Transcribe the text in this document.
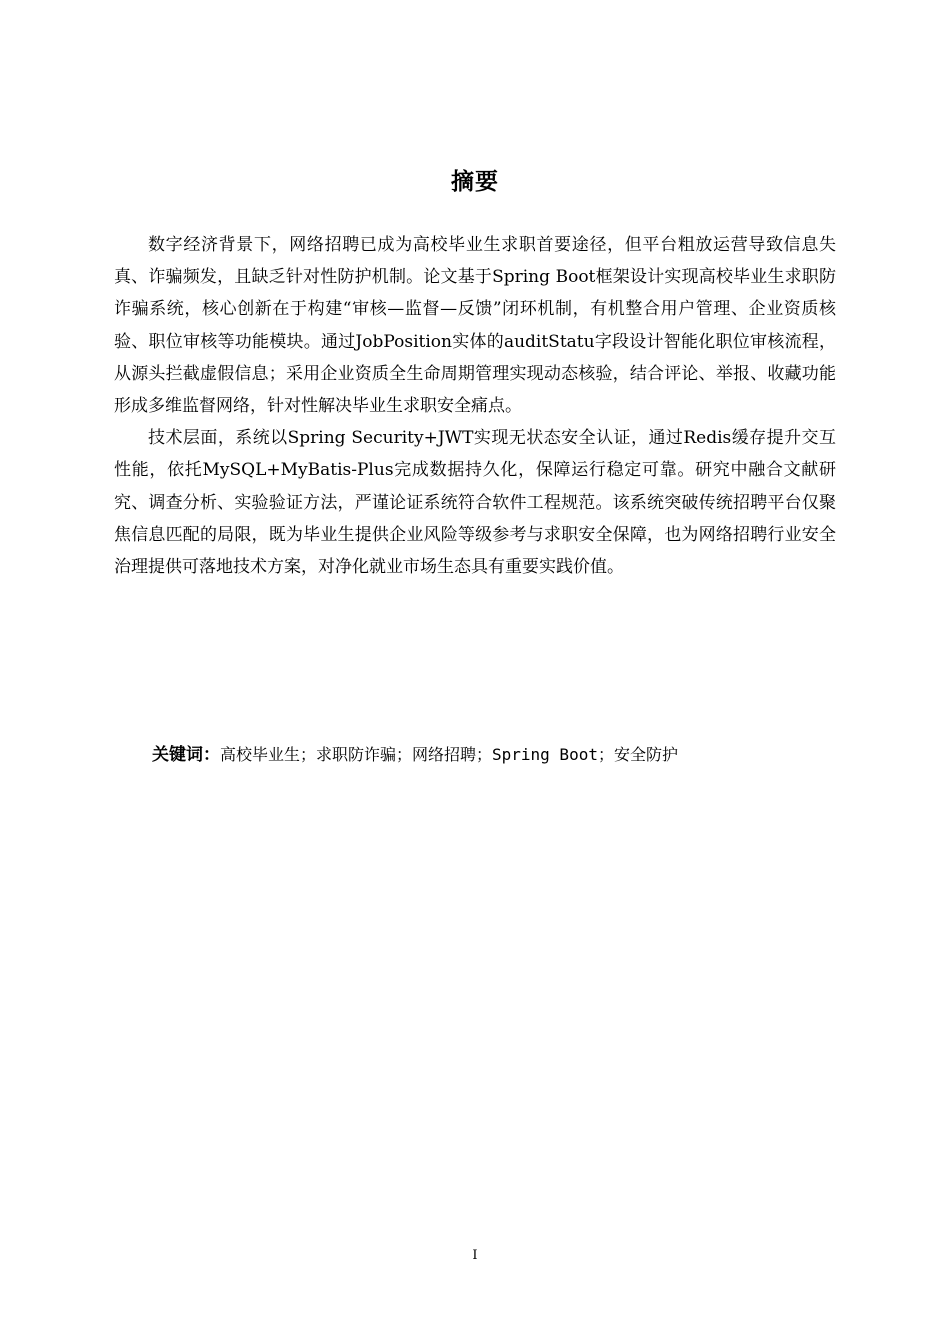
摘要

数字经济背景下，网络招聘已成为高校毕业生求职首要途径，但平台粗放运营导致信息失真、诈骗频发，且缺乏针对性防护机制。论文基于Spring Boot框架设计实现高校毕业生求职防诈骗系统，核心创新在于构建“审核—监督—反馈”闭环机制，有机整合用户管理、企业资质核验、职位审核等功能模块。通过JobPosition实体的auditStatu字段设计智能化职位审核流程，从源头拦截虚假信息；采用企业资质全生命周期管理实现动态核验，结合评论、举报、收藏功能形成多维监督网络，针对性解决毕业生求职安全痛点。

技术层面，系统以Spring Security+JWT实现无状态安全认证，通过Redis缓存提升交互性能，依托MySQL+MyBatis-Plus完成数据持久化，保障运行稳定可靠。研究中融合文献研究、调查分析、实验验证方法，严谨论证系统符合软件工程规范。该系统突破传统招聘平台仅聚焦信息匹配的局限，既为毕业生提供企业风险等级参考与求职安全保障，也为网络招聘行业安全治理提供可落地技术方案，对净化就业市场生态具有重要实践价值。

关键词：高校毕业生；求职防诈骗；网络招聘；Spring Boot；安全防护
I
